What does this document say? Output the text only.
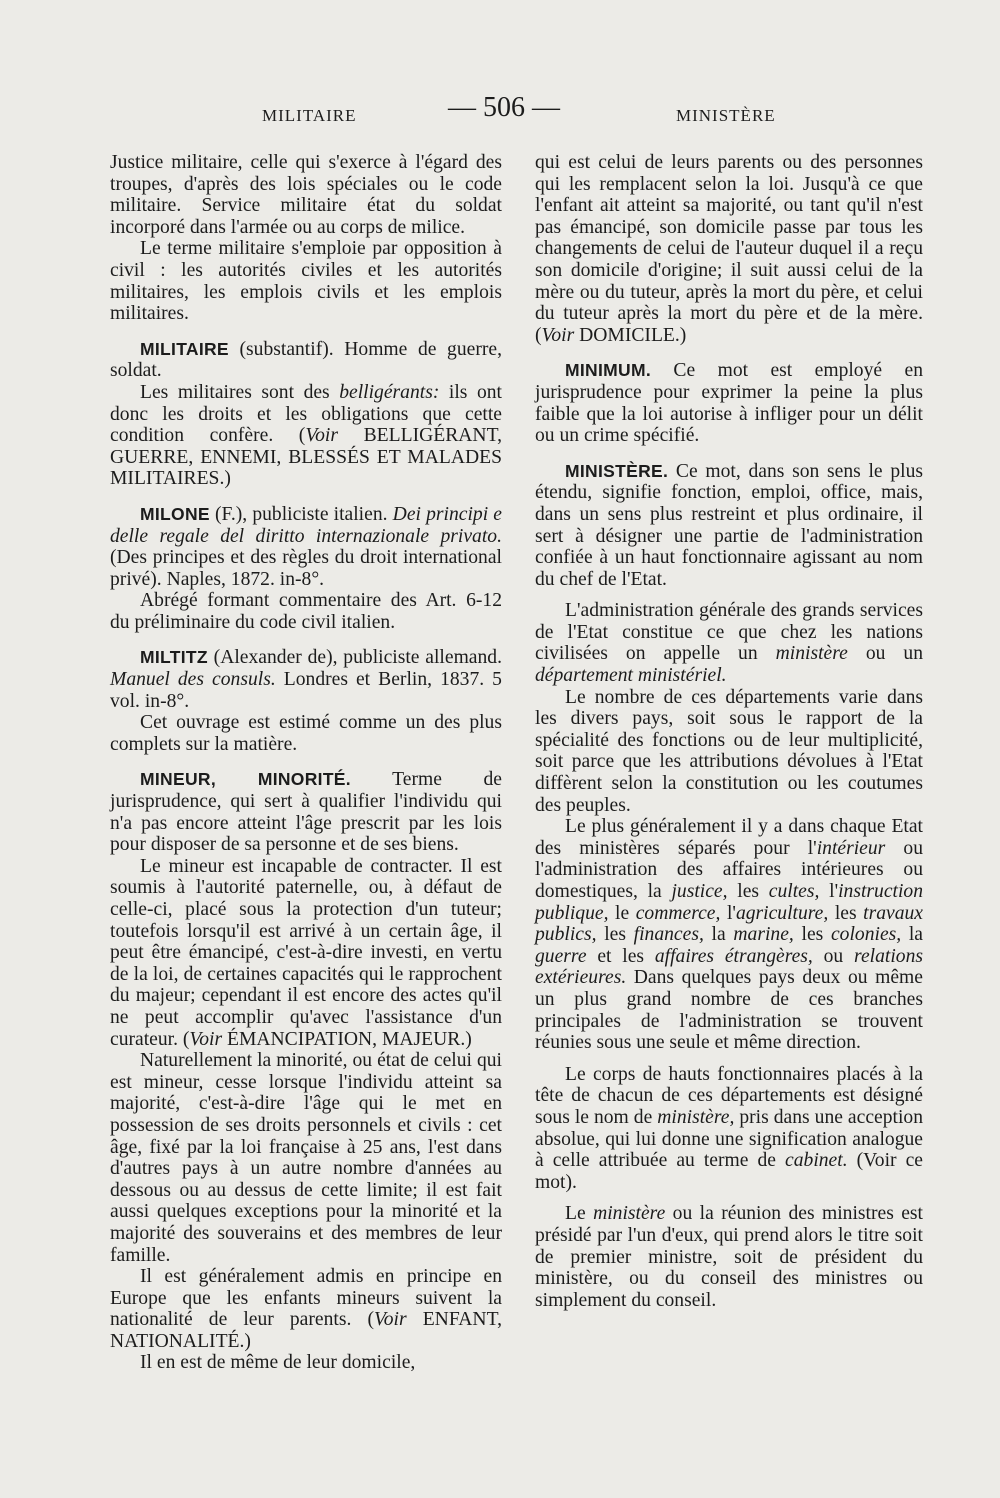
MILITAIRE	— 506 —	MINISTÈRE

Justice militaire, celle qui s'exerce à l'égard des troupes, d'après des lois spéciales ou le code militaire. Service militaire état du soldat incorporé dans l'armée ou au corps de milice.

Le terme militaire s'emploie par opposition à civil : les autorités civiles et les autorités militaires, les emplois civils et les emplois militaires.

MILITAIRE (substantif). Homme de guerre, soldat.

Les militaires sont des belligérants: ils ont donc les droits et les obligations que cette condition confère. (Voir BELLIGÉRANT, GUERRE, ENNEMI, BLESSÉS ET MALADES MILITAIRES.)

MILONE (F.), publiciste italien. Dei principi e delle regale del diritto internazionale privato. (Des principes et des règles du droit international privé). Naples, 1872. in-8°.

Abrégé formant commentaire des Art. 6-12 du préliminaire du code civil italien.

MILTITZ (Alexander de), publiciste allemand. Manuel des consuls. Londres et Berlin, 1837. 5 vol. in-8°.

Cet ouvrage est estimé comme un des plus complets sur la matière.

MINEUR, MINORITÉ. Terme de jurisprudence, qui sert à qualifier l'individu qui n'a pas encore atteint l'âge prescrit par les lois pour disposer de sa personne et de ses biens.

Le mineur est incapable de contracter. Il est soumis à l'autorité paternelle, ou, à défaut de celle-ci, placé sous la protection d'un tuteur; toutefois lorsqu'il est arrivé à un certain âge, il peut être émancipé, c'est-à-dire investi, en vertu de la loi, de certaines capacités qui le rapprochent du majeur; cependant il est encore des actes qu'il ne peut accomplir qu'avec l'assistance d'un curateur. (Voir ÉMANCIPATION, MAJEUR.)

Naturellement la minorité, ou état de celui qui est mineur, cesse lorsque l'individu atteint sa majorité, c'est-à-dire l'âge qui le met en possession de ses droits personnels et civils : cet âge, fixé par la loi française à 25 ans, l'est dans d'autres pays à un autre nombre d'années au dessous ou au dessus de cette limite; il est fait aussi quelques exceptions pour la minorité et la majorité des souverains et des membres de leur famille.

Il est généralement admis en principe en Europe que les enfants mineurs suivent la nationalité de leur parents. (Voir ENFANT, NATIONALITÉ.)

Il en est de même de leur domicile,

qui est celui de leurs parents ou des personnes qui les remplacent selon la loi. Jusqu'à ce que l'enfant ait atteint sa majorité, ou tant qu'il n'est pas émancipé, son domicile passe par tous les changements de celui de l'auteur duquel il a reçu son domicile d'origine; il suit aussi celui de la mère ou du tuteur, après la mort du père, et celui du tuteur après la mort du père et de la mère. (Voir DOMICILE.)

MINIMUM. Ce mot est employé en jurisprudence pour exprimer la peine la plus faible que la loi autorise à infliger pour un délit ou un crime spécifié.

MINISTÈRE. Ce mot, dans son sens le plus étendu, signifie fonction, emploi, office, mais, dans un sens plus restreint et plus ordinaire, il sert à désigner une partie de l'administration confiée à un haut fonctionnaire agissant au nom du chef de l'Etat.

L'administration générale des grands services de l'Etat constitue ce que chez les nations civilisées on appelle un ministère ou un département ministériel.

Le nombre de ces départements varie dans les divers pays, soit sous le rapport de la spécialité des fonctions ou de leur multiplicité, soit parce que les attributions dévolues à l'Etat diffèrent selon la constitution ou les coutumes des peuples.

Le plus généralement il y a dans chaque Etat des ministères séparés pour l'intérieur ou l'administration des affaires intérieures ou domestiques, la justice, les cultes, l'instruction publique, le commerce, l'agriculture, les travaux publics, les finances, la marine, les colonies, la guerre et les affaires étrangères, ou relations extérieures. Dans quelques pays deux ou même un plus grand nombre de ces branches principales de l'administration se trouvent réunies sous une seule et même direction.

Le corps de hauts fonctionnaires placés à la tête de chacun de ces départements est désigné sous le nom de ministère, pris dans une acception absolue, qui lui donne une signification analogue à celle attribuée au terme de cabinet. (Voir ce mot).

Le ministère ou la réunion des ministres est présidé par l'un d'eux, qui prend alors le titre soit de premier ministre, soit de président du ministère, ou du conseil des ministres ou simplement du conseil.
